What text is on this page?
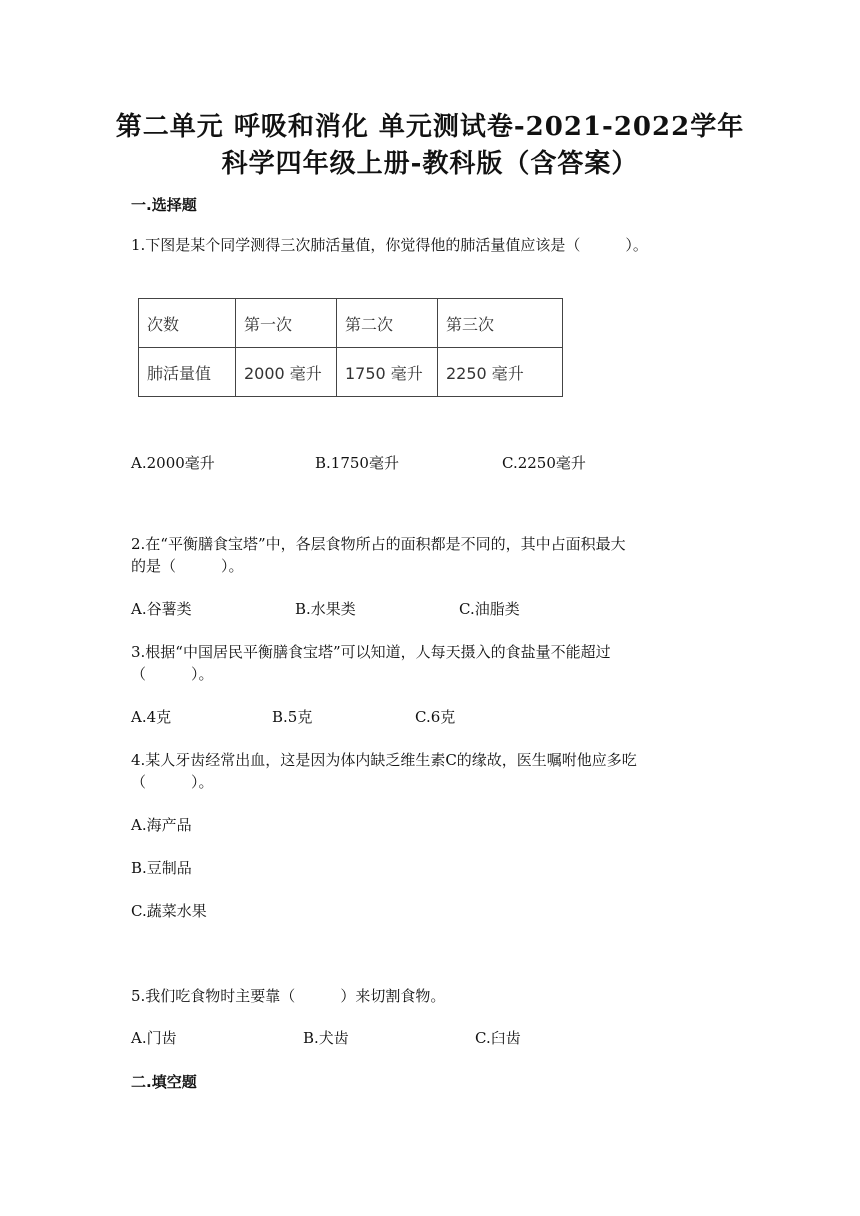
第二单元 呼吸和消化 单元测试卷-2021-2022学年
科学四年级上册-教科版（含答案）
一.选择题
1.下图是某个同学测得三次肺活量值，你觉得他的肺活量值应该是（　　　）。
次数	第一次	第二次	第三次
肺活量值	2000 毫升	1750 毫升	2250 毫升
A.2000毫升	B.1750毫升	C.2250毫升
2.在“平衡膳食宝塔”中，各层食物所占的面积都是不同的，其中占面积最大
的是（　　　）。
A.谷薯类	B.水果类	C.油脂类
3.根据“中国居民平衡膳食宝塔”可以知道，人每天摄入的食盐量不能超过
（　　　）。
A.4克	B.5克	C.6克
4.某人牙齿经常出血，这是因为体内缺乏维生素C的缘故，医生嘱咐他应多吃
（　　　）。
A.海产品
B.豆制品
C.蔬菜水果
5.我们吃食物时主要靠（　　　）来切割食物。
A.门齿	B.犬齿	C.臼齿
二.填空题
